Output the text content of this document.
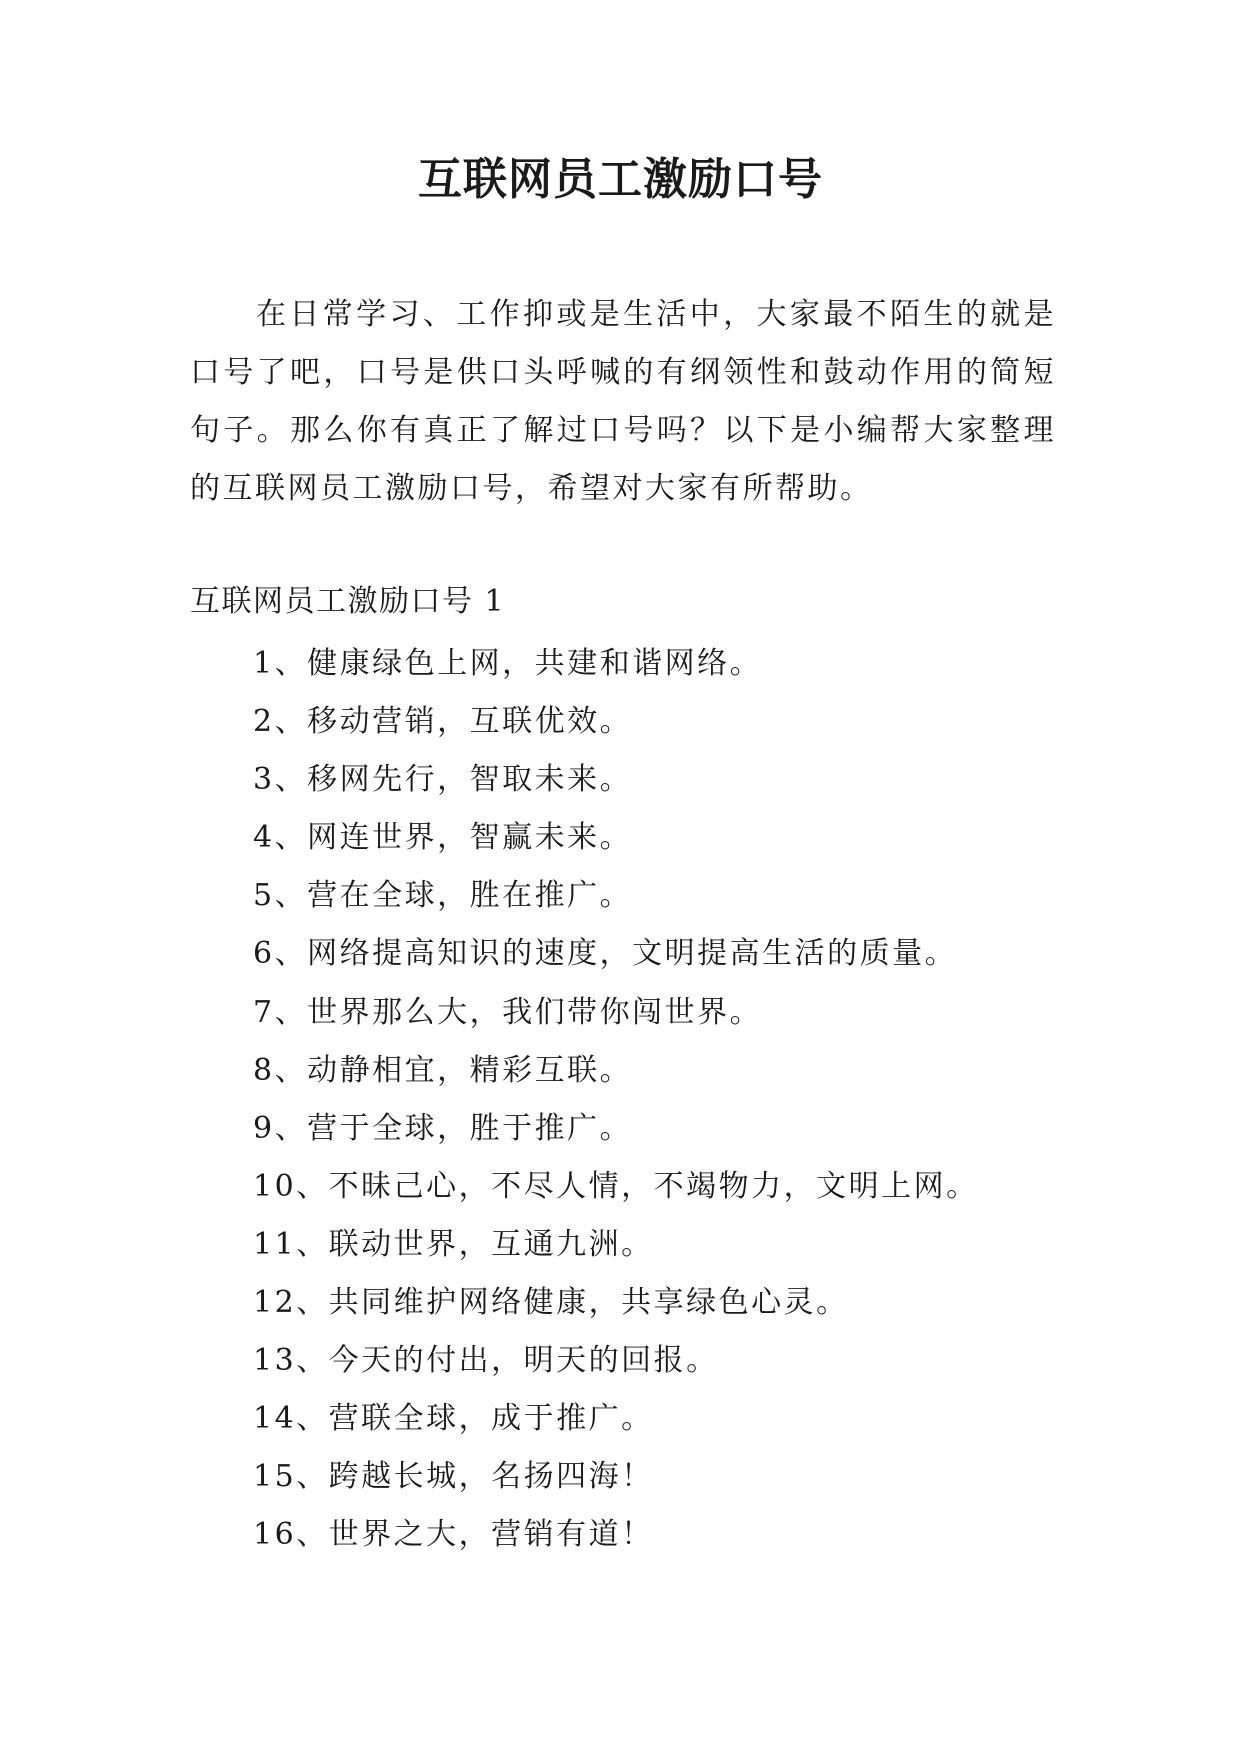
互联网员工激励口号

在日常学习、工作抑或是生活中，大家最不陌生的就是口号了吧，口号是供口头呼喊的有纲领性和鼓动作用的简短句子。那么你有真正了解过口号吗？以下是小编帮大家整理的互联网员工激励口号，希望对大家有所帮助。

互联网员工激励口号 1

1、健康绿色上网，共建和谐网络。
2、移动营销，互联优效。
3、移网先行，智取未来。
4、网连世界，智赢未来。
5、营在全球，胜在推广。
6、网络提高知识的速度，文明提高生活的质量。
7、世界那么大，我们带你闯世界。
8、动静相宜，精彩互联。
9、营于全球，胜于推广。
10、不昧己心，不尽人情，不竭物力，文明上网。
11、联动世界，互通九洲。
12、共同维护网络健康，共享绿色心灵。
13、今天的付出，明天的回报。
14、营联全球，成于推广。
15、跨越长城，名扬四海！
16、世界之大，营销有道！
